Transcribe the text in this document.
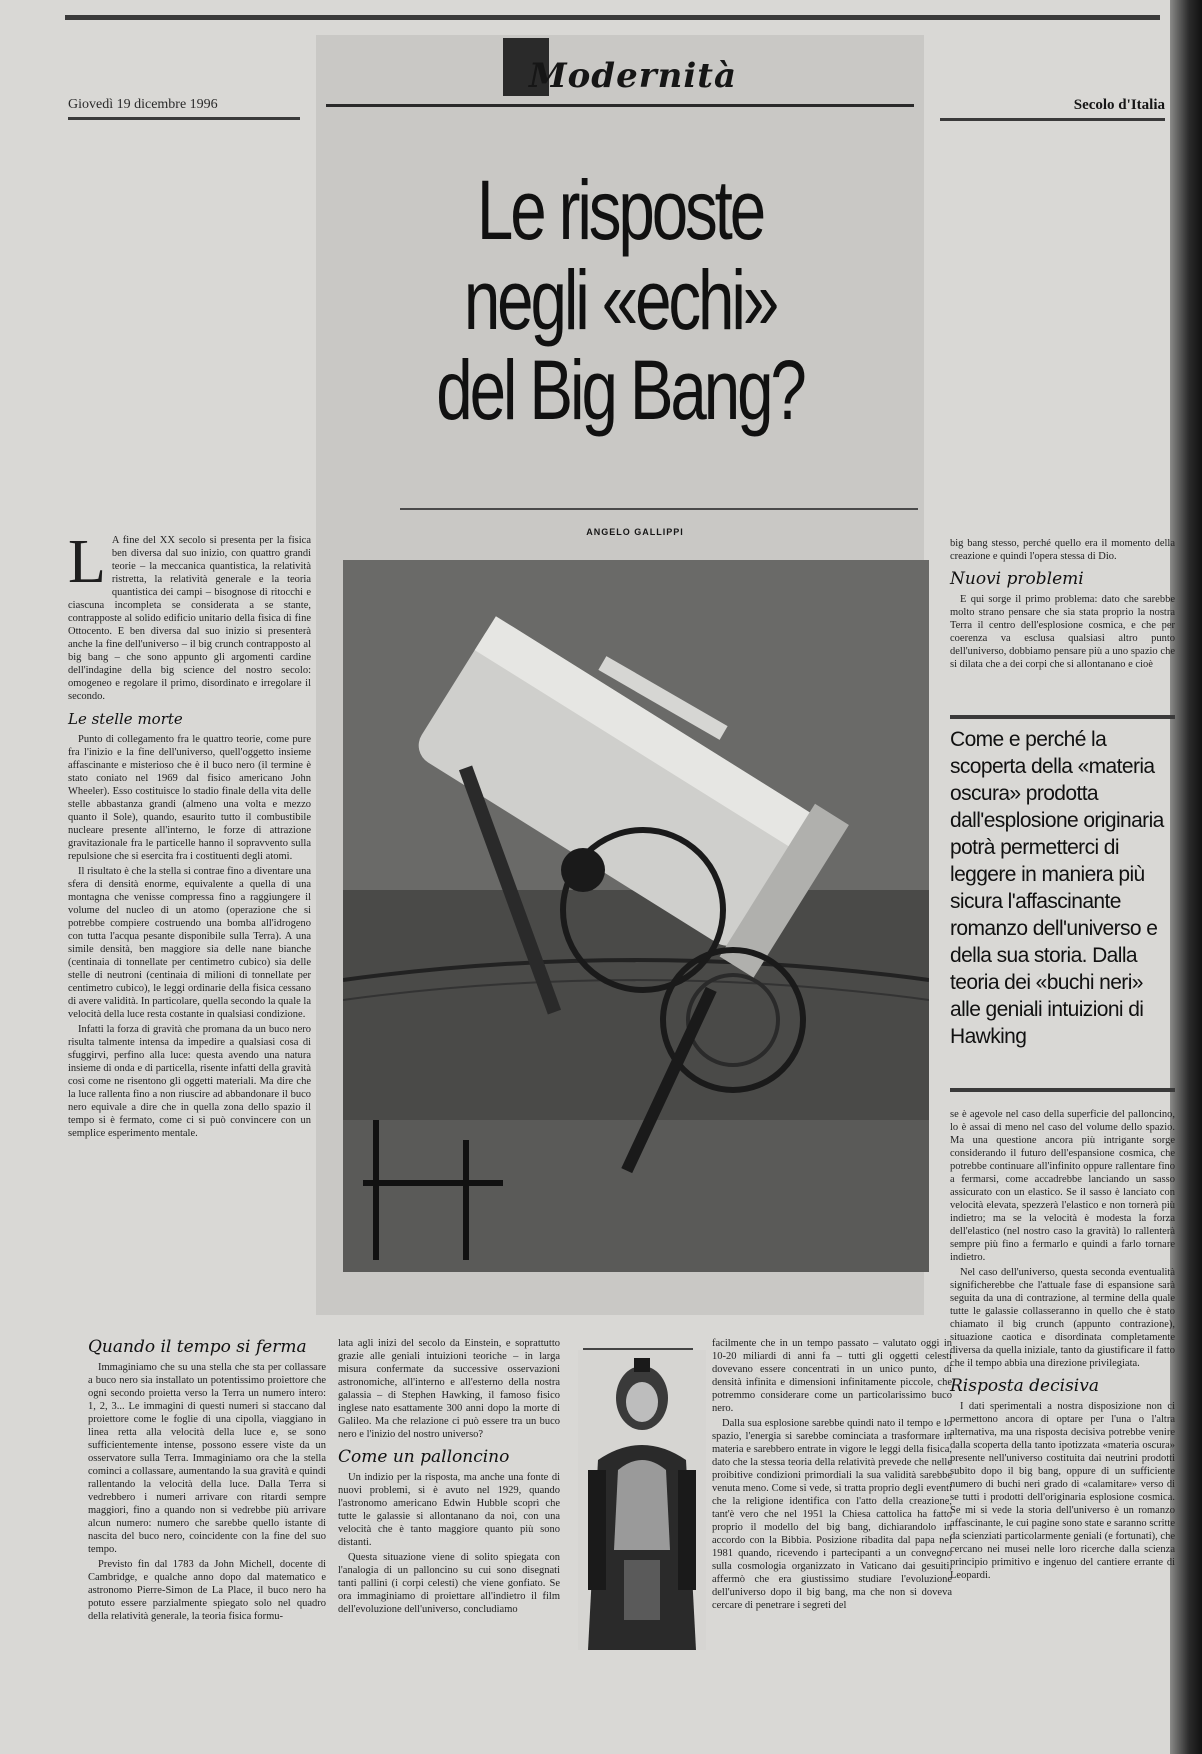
Modernità
Giovedì 19 dicembre 1996	Secolo d'Italia
Le risposte
negli «echi»
del Big Bang?
ANGELO GALLIPPI
L A fine del XX secolo si presenta per la fisica ben diversa dal suo inizio, con quattro grandi teorie – la meccanica quantistica, la relatività ristretta, la relatività generale e la teoria quantistica dei campi – bisognose di ritocchi e ciascuna incompleta se considerata a se stante, contrapposte al solido edificio unitario della fisica di fine Ottocento. E ben diversa dal suo inizio si presenterà anche la fine dell'universo – il big crunch contrapposto al big bang – che sono appunto gli argomenti cardine dell'indagine della big science del nostro secolo: omogeneo e regolare il primo, disordinato e irregolare il secondo.

Le stelle morte

Punto di collegamento fra le quattro teorie, come pure fra l'inizio e la fine dell'universo, quell'oggetto insieme affascinante e misterioso che è il buco nero (il termine è stato coniato nel 1969 dal fisico americano John Wheeler). Esso costituisce lo stadio finale della vita delle stelle abbastanza grandi (almeno una volta e mezzo quanto il Sole), quando, esaurito tutto il combustibile nucleare presente all'interno, le forze di attrazione gravitazionale fra le particelle hanno il sopravvento sulla repulsione che si esercita fra i costituenti degli atomi.

Il risultato è che la stella si contrae fino a diventare una sfera di densità enorme, equivalente a quella di una montagna che venisse compressa fino a raggiungere il volume del nucleo di un atomo (operazione che si potrebbe compiere costruendo una bomba all'idrogeno con tutta l'acqua pesante disponibile sulla Terra). A una simile densità, ben maggiore sia delle nane bianche (centinaia di tonnellate per centimetro cubico) sia delle stelle di neutroni (centinaia di milioni di tonnellate per centimetro cubico), le leggi ordinarie della fisica cessano di avere validità. In particolare, quella secondo la quale la velocità della luce resta costante in qualsiasi condizione.

Infatti la forza di gravità che promana da un buco nero risulta talmente intensa da impedire a qualsiasi cosa di sfuggirvi, perfino alla luce: questa avendo una natura insieme di onda e di particella, risente infatti della gravità così come ne risentono gli oggetti materiali. Ma dire che la luce rallenta fino a non riuscire ad abbandonare il buco nero equivale a dire che in quella zona dello spazio il tempo si è fermato, come ci si può convincere con un semplice esperimento mentale.

Quando il tempo si ferma

Immaginiamo che su una stella che sta per collassare a buco nero sia installato un potentissimo proiettore che ogni secondo proietta verso la Terra un numero intero: 1, 2, 3... Le immagini di questi numeri si staccano dal proiettore come le foglie di una cipolla, viaggiano in linea retta alla velocità della luce e, se sono sufficientemente intense, possono essere viste da un osservatore sulla Terra. Immaginiamo ora che la stella cominci a collassare, aumentando la sua gravità e quindi rallentando la velocità della luce. Dalla Terra si vedrebbero i numeri arrivare con ritardi sempre maggiori, fino a quando non si vedrebbe più arrivare alcun numero: numero che sarebbe quello istante di nascita del buco nero, coincidente con la fine del suo tempo.

Previsto fin dal 1783 da John Michell, docente di Cambridge, e qualche anno dopo dal matematico e astronomo Pierre-Simon de La Place, il buco nero ha potuto essere parzialmente spiegato solo nel quadro della relatività generale, la teoria fisica formu-

lata agli inizi del secolo da Einstein, e soprattutto grazie alle geniali intuizioni teoriche – in larga misura confermate da successive osservazioni astronomiche, all'interno e all'esterno della nostra galassia – di Stephen Hawking, il famoso fisico inglese nato esattamente 300 anni dopo la morte di Galileo. Ma che relazione ci può essere tra un buco nero e l'inizio del nostro universo?

Come un palloncino

Un indizio per la risposta, ma anche una fonte di nuovi problemi, si è avuto nel 1929, quando l'astronomo americano Edwin Hubble scoprì che tutte le galassie si allontanano da noi, con una velocità che è tanto maggiore quanto più sono distanti.

Questa situazione viene di solito spiegata con l'analogia di un palloncino su cui sono disegnati tanti pallini (i corpi celesti) che viene gonfiato. Se ora immaginiamo di proiettare all'indietro il film dell'evoluzione dell'universo, concludiamo

facilmente che in un tempo passato – valutato oggi in 10-20 miliardi di anni fa – tutti gli oggetti celesti dovevano essere concentrati in un unico punto, di densità infinita e dimensioni infinitamente piccole, che potremmo considerare come un particolarissimo buco nero.

Dalla sua esplosione sarebbe quindi nato il tempo e lo spazio, l'energia si sarebbe cominciata a trasformare in materia e sarebbero entrate in vigore le leggi della fisica, dato che la stessa teoria della relatività prevede che nelle proibitive condizioni primordiali la sua validità sarebbe venuta meno. Come si vede, si tratta proprio degli eventi che la religione identifica con l'atto della creazione, tant'è vero che nel 1951 la Chiesa cattolica ha fatto proprio il modello del big bang, dichiarandolo in accordo con la Bibbia. Posizione ribadita dal papa nel 1981 quando, ricevendo i partecipanti a un convegno sulla cosmologia organizzato in Vaticano dai gesuiti, affermò che era giustissimo studiare l'evoluzione dell'universo dopo il big bang, ma che non si doveva cercare di penetrare i segreti del

big bang stesso, perché quello era il momento della creazione e quindi l'opera stessa di Dio.

Nuovi problemi

E qui sorge il primo problema: dato che sarebbe molto strano pensare che sia stata proprio la nostra Terra il centro dell'esplosione cosmica, e che per coerenza va esclusa qualsiasi altro punto dell'universo, dobbiamo pensare più a uno spazio che si dilata che a dei corpi che si allontanano e cioè

Come e perché la scoperta della «materia oscura» prodotta dall'esplosione originaria potrà permetterci di leggere in maniera più sicura l'affascinante romanzo dell'universo e della sua storia. Dalla teoria dei «buchi neri» alle geniali intuizioni di Hawking

se è agevole nel caso della superficie del palloncino, lo è assai di meno nel caso del volume dello spazio. Ma una questione ancora più intrigante sorge considerando il futuro dell'espansione cosmica, che potrebbe continuare all'infinito oppure rallentare fino a fermarsi, come accadrebbe lanciando un sasso assicurato con un elastico. Se il sasso è lanciato con velocità elevata, spezzerà l'elastico e non tornerà più indietro; ma se la velocità è modesta la forza dell'elastico (nel nostro caso la gravità) lo rallenterà sempre più fino a fermarlo e quindi a farlo tornare indietro.

Nel caso dell'universo, questa seconda eventualità significherebbe che l'attuale fase di espansione sarà seguita da una di contrazione, al termine della quale tutte le galassie collasseranno in quello che è stato chiamato il big crunch (appunto contrazione), situazione caotica e disordinata completamente diversa da quella iniziale, tanto da giustificare il fatto che il tempo abbia una direzione privilegiata.

Risposta decisiva

I dati sperimentali a nostra disposizione non ci permettono ancora di optare per l'una o l'altra alternativa, ma una risposta decisiva potrebbe venire dalla scoperta della tanto ipotizzata «materia oscura» presente nell'universo costituita dai neutrini prodotti subito dopo il big bang, oppure di un sufficiente numero di buchi neri grado di «calamitare» verso di se tutti i prodotti dell'originaria esplosione cosmica. Se mi si vede la storia dell'universo è un romanzo affascinante, le cui pagine sono state e saranno scritte da scienziati particolarmente geniali (e fortunati), che cercano nei musei nelle loro ricerche dalla scienza principio primitivo e ingenuo del cantiere errante di Leopardi.
